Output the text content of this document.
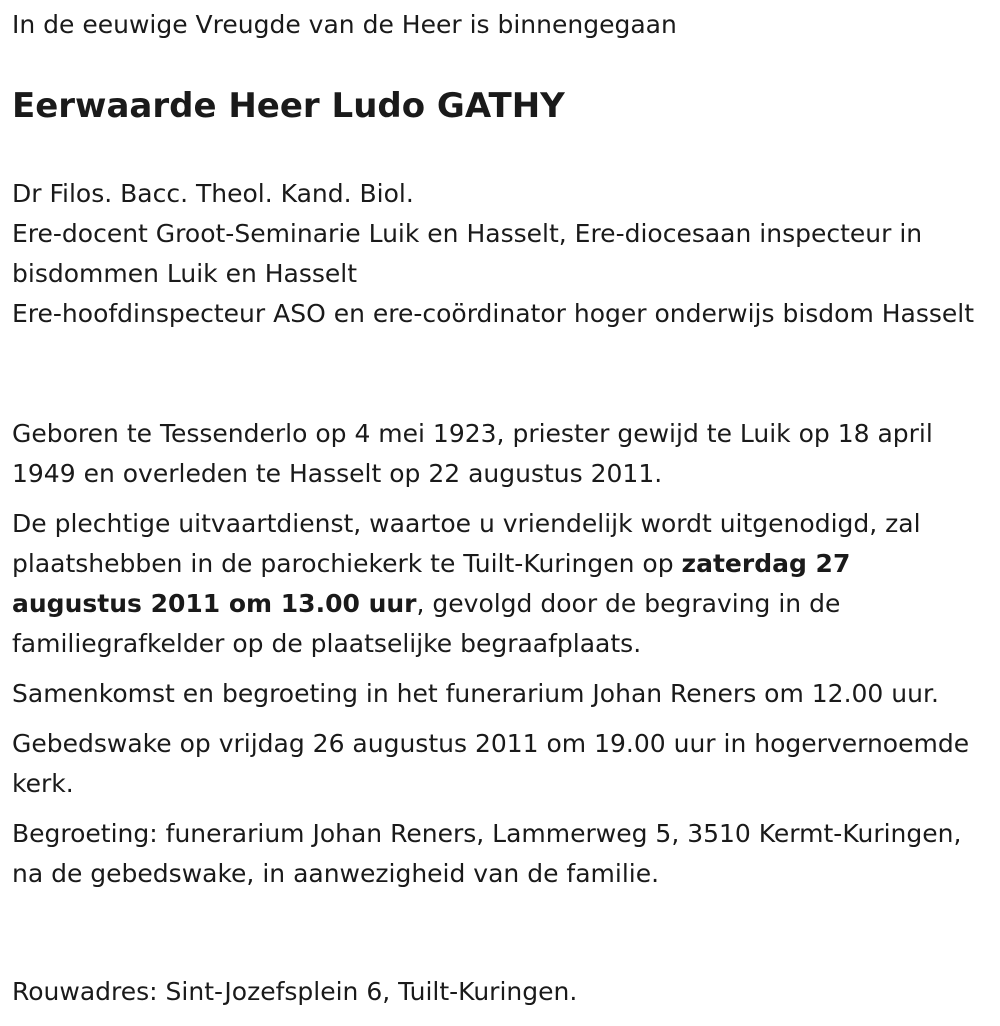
In de eeuwige Vreugde van de Heer is binnengegaan

Eerwaarde Heer Ludo GATHY
Dr Filos. Bacc. Theol. Kand. Biol.
Ere-docent Groot-Seminarie Luik en Hasselt, Ere-diocesaan inspecteur in bisdommen Luik en Hasselt
Ere-hoofdinspecteur ASO en ere-coördinator hoger onderwijs bisdom Hasselt

Geboren te Tessenderlo op 4 mei 1923, priester gewijd te Luik op 18 april 1949 en overleden te Hasselt op 22 augustus 2011.

De plechtige uitvaartdienst, waartoe u vriendelijk wordt uitgenodigd, zal plaatshebben in de parochiekerk te Tuilt-Kuringen op zaterdag 27 augustus 2011 om 13.00 uur, gevolgd door de begraving in de familiegrafkelder op de plaatselijke begraafplaats.

Samenkomst en begroeting in het funerarium Johan Reners om 12.00 uur.

Gebedswake op vrijdag 26 augustus 2011 om 19.00 uur in hogervernoemde kerk.

Begroeting: funerarium Johan Reners, Lammerweg 5, 3510 Kermt-Kuringen, na de gebedswake, in aanwezigheid van de familie.

Rouwadres: Sint-Jozefsplein 6, Tuilt-Kuringen.
